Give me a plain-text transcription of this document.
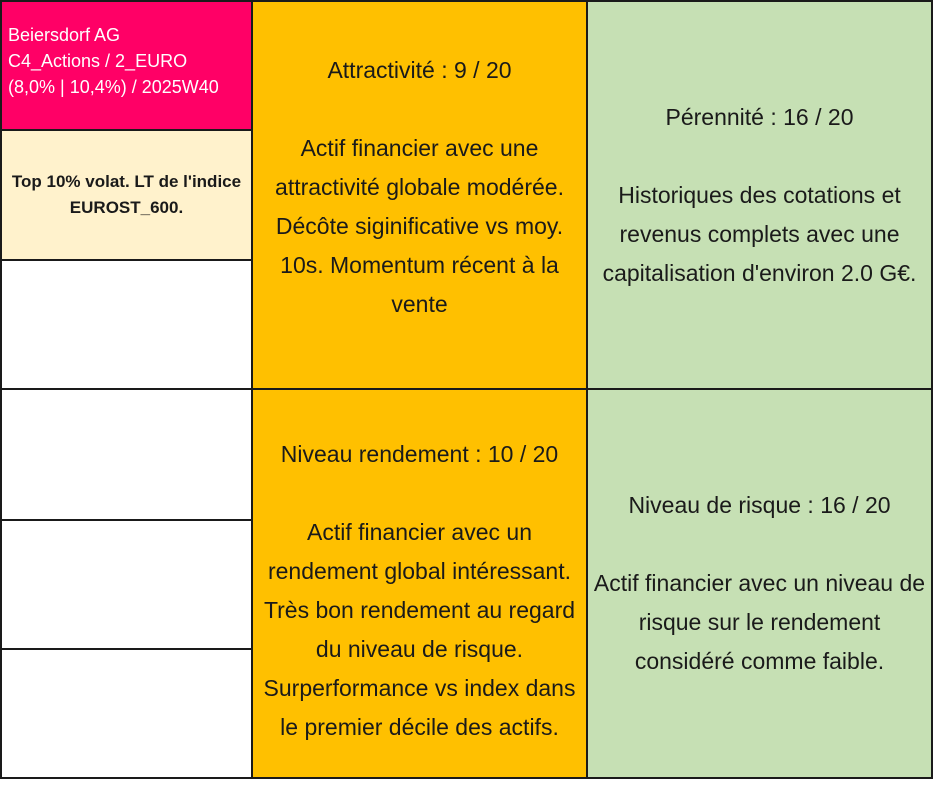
Beiersdorf AG
C4_Actions / 2_EURO
(8,0% | 10,4%) / 2025W40
Top 10% volat. LT de l'indice EUROST_600.
Attractivité : 9 / 20
Actif financier avec une attractivité globale modérée. Décôte siginificative vs moy. 10s. Momentum récent à la vente
Pérennité : 16 / 20
Historiques des cotations et revenus complets avec une capitalisation d'environ 2.0 G€.
Niveau rendement : 10 / 20
Actif financier avec un rendement global intéressant. Très bon rendement au regard du niveau de risque. Surperformance vs index dans le premier décile des actifs.
Niveau de risque : 16 / 20
Actif financier avec un niveau de risque sur le rendement considéré comme faible.
